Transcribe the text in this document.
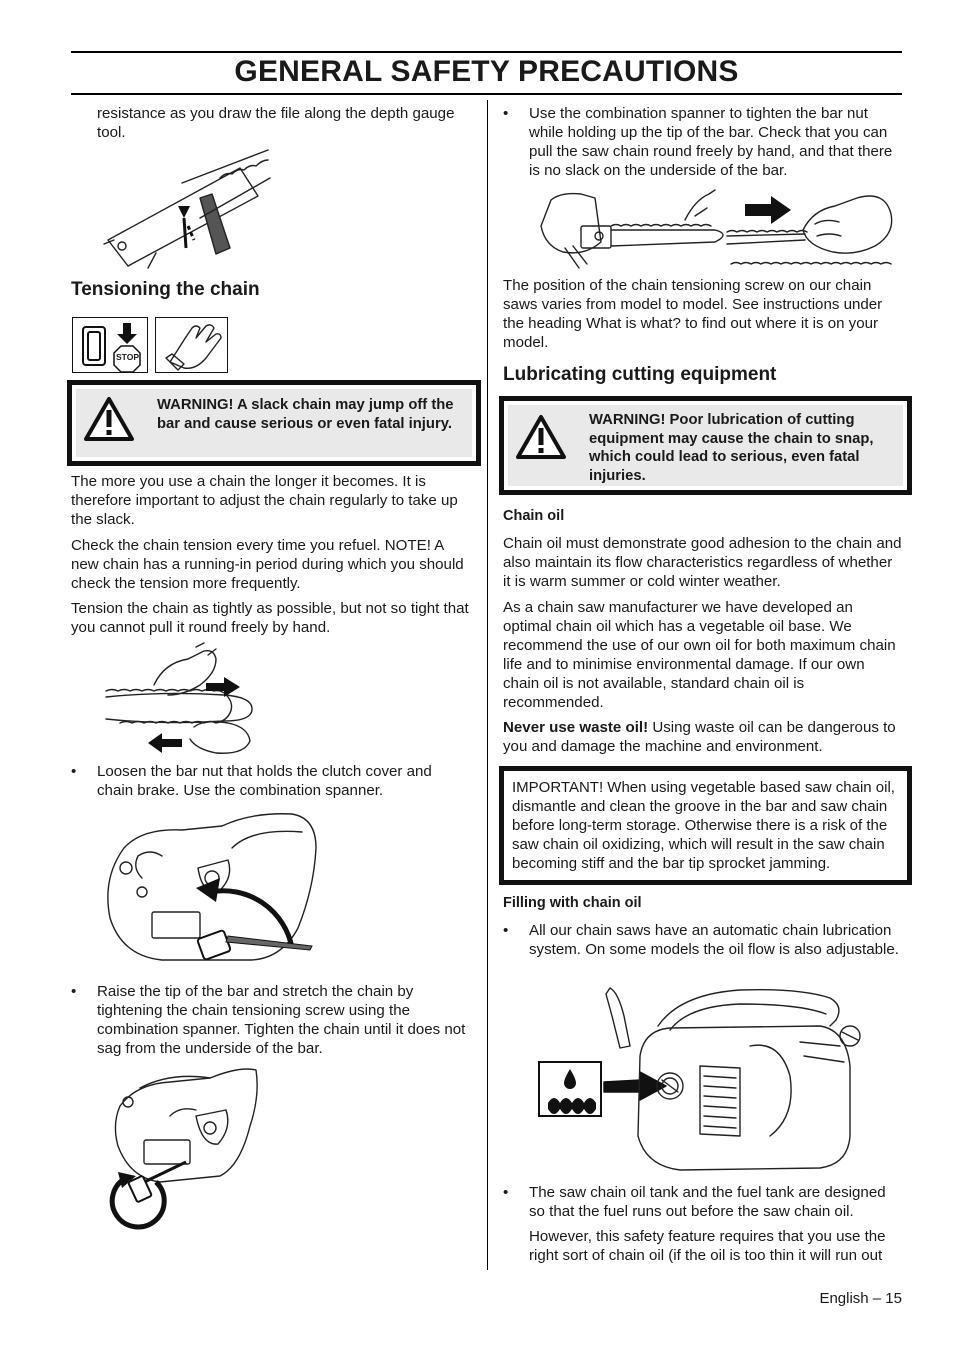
GENERAL SAFETY PRECAUTIONS
resistance as you draw the file along the depth gauge tool.
Tensioning the chain
STOP
WARNING! A slack chain may jump off the bar and cause serious or even fatal injury.
The more you use a chain the longer it becomes. It is therefore important to adjust the chain regularly to take up the slack.
Check the chain tension every time you refuel. NOTE! A new chain has a running-in period during which you should check the tension more frequently.
Tension the chain as tightly as possible, but not so tight that you cannot pull it round freely by hand.
• Loosen the bar nut that holds the clutch cover and chain brake. Use the combination spanner.
• Raise the tip of the bar and stretch the chain by tightening the chain tensioning screw using the combination spanner. Tighten the chain until it does not sag from the underside of the bar.
• Use the combination spanner to tighten the bar nut while holding up the tip of the bar. Check that you can pull the saw chain round freely by hand, and that there is no slack on the underside of the bar.
The position of the chain tensioning screw on our chain saws varies from model to model. See instructions under the heading What is what? to find out where it is on your model.
Lubricating cutting equipment
WARNING! Poor lubrication of cutting equipment may cause the chain to snap, which could lead to serious, even fatal injuries.
Chain oil
Chain oil must demonstrate good adhesion to the chain and also maintain its flow characteristics regardless of whether it is warm summer or cold winter weather.
As a chain saw manufacturer we have developed an optimal chain oil which has a vegetable oil base. We recommend the use of our own oil for both maximum chain life and to minimise environmental damage. If our own chain oil is not available, standard chain oil is recommended.
Never use waste oil! Using waste oil can be dangerous to you and damage the machine and environment.
IMPORTANT! When using vegetable based saw chain oil, dismantle and clean the groove in the bar and saw chain before long-term storage. Otherwise there is a risk of the saw chain oil oxidizing, which will result in the saw chain becoming stiff and the bar tip sprocket jamming.
Filling with chain oil
• All our chain saws have an automatic chain lubrication system. On some models the oil flow is also adjustable.
• The saw chain oil tank and the fuel tank are designed so that the fuel runs out before the saw chain oil.
However, this safety feature requires that you use the right sort of chain oil (if the oil is too thin it will run out
English – 15
